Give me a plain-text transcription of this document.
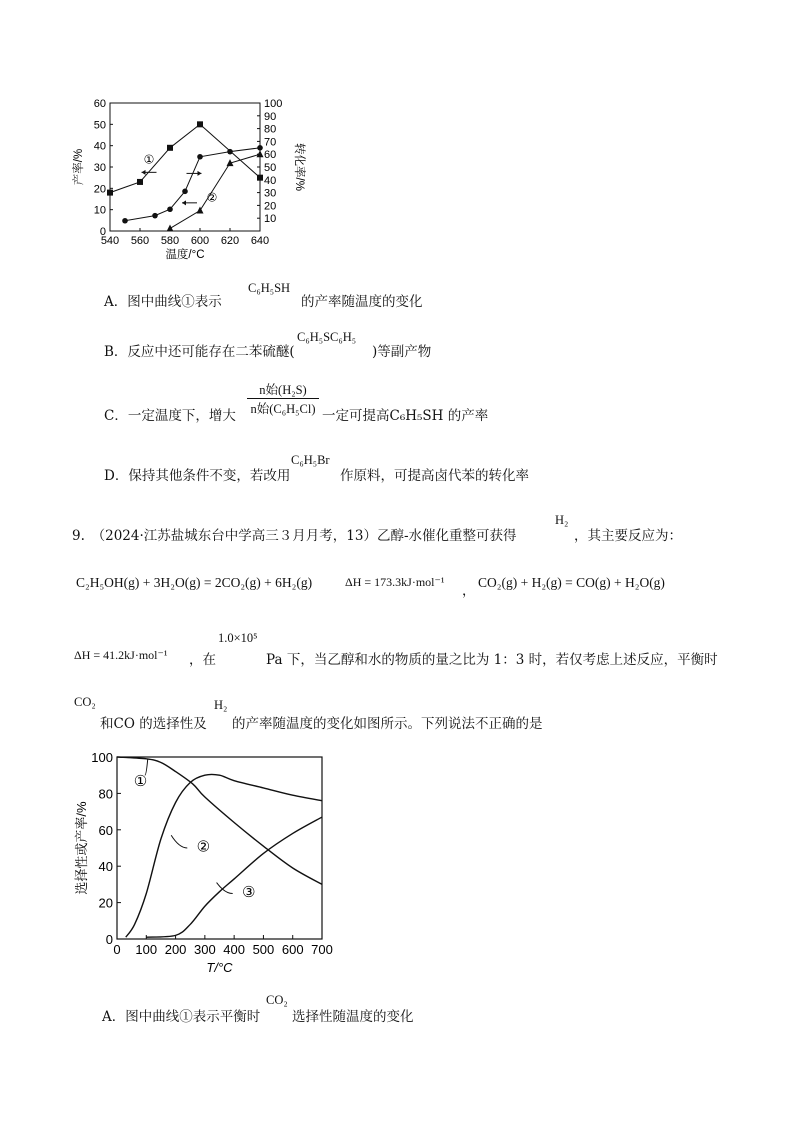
0
10
20
30
40
50
60
10
20
30
40
50
60
70
80
90
100
540 560 580 600 620 640
温度/°C
产率/%	转化率/%
①
②
A．图中曲线①表示
C₆H₅SH
的产率随温度的变化
B．反应中还可能存在二苯硫醚(
C₆H₅SC₆H₅
)等副产物
C．一定温度下，增大
n始(H₂S)
n始(C₆H₅Cl) 一定可提高C₆H₅SH 的产率
D．保持其他条件不变，若改用
C₆H₅Br
作原料，可提高卤代苯的转化率
9.　（2024·江苏盐城东台中学高三３月月考，13）乙醇-水催化重整可获得
H₂
，其主要反应为：
C₂H₅OH(g) + 3H₂O(g) = 2CO₂(g) + 6H₂(g)	ΔH = 173.3kJ·mol⁻¹
，
CO₂(g) + H₂(g) = CO(g) + H₂O(g)
ΔH = 41.2kJ·mol⁻¹ ，在
1.0×10⁵
Pa 下，当乙醇和水的物质的量之比为 1：3 时，若仅考虑上述反应，平衡时
CO₂
和CO 的选择性及
H₂
的产率随温度的变化如图所示。下列说法不正确的是
0
20
40
60
80
100
0 100 200 300 400 500 600 700
T/°C
选择性或产率/%
①
②
③
A．图中曲线①表示平衡时
CO₂
选择性随温度的变化
